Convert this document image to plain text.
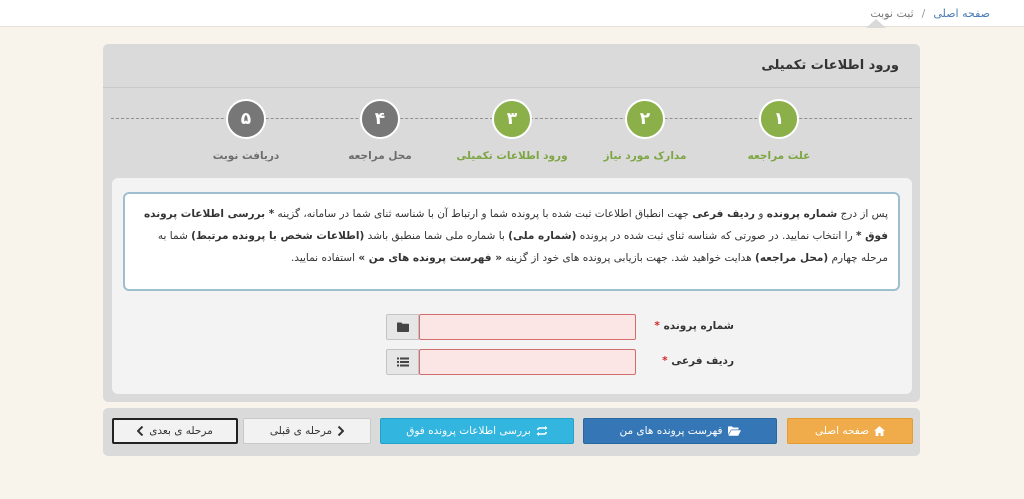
صفحه اصلی
/
ثبت نوبت
ورود اطلاعات تکمیلی
١
علت مراجعه
٢
مدارک مورد نیاز
٣
ورود اطلاعات تکمیلی
۴
محل مراجعه
۵
دریافت نوبت
پس از درج شماره پرونده و ردیف فرعی جهت انطباق اطلاعات ثبت شده با پرونده شما و ارتباط آن با شناسه ثنای شما در سامانه، گزینه * بررسی اطلاعات پرونده فوق * را انتخاب نمایید. در صورتی که شناسه ثنای ثبت شده در پرونده (شماره ملی) با شماره ملی شما منطبق باشد (اطلاعات شخص با پرونده مرتبط) شما به مرحله چهارم (محل مراجعه) هدایت خواهید شد. جهت بازیابی پرونده های خود از گزینه « فهرست پرونده های من » استفاده نمایید.
شماره پرونده *
ردیف فرعی *
صفحه اصلی
فهرست پرونده های من
بررسی اطلاعات پرونده فوق
مرحله ی قبلی
مرحله ی بعدی
